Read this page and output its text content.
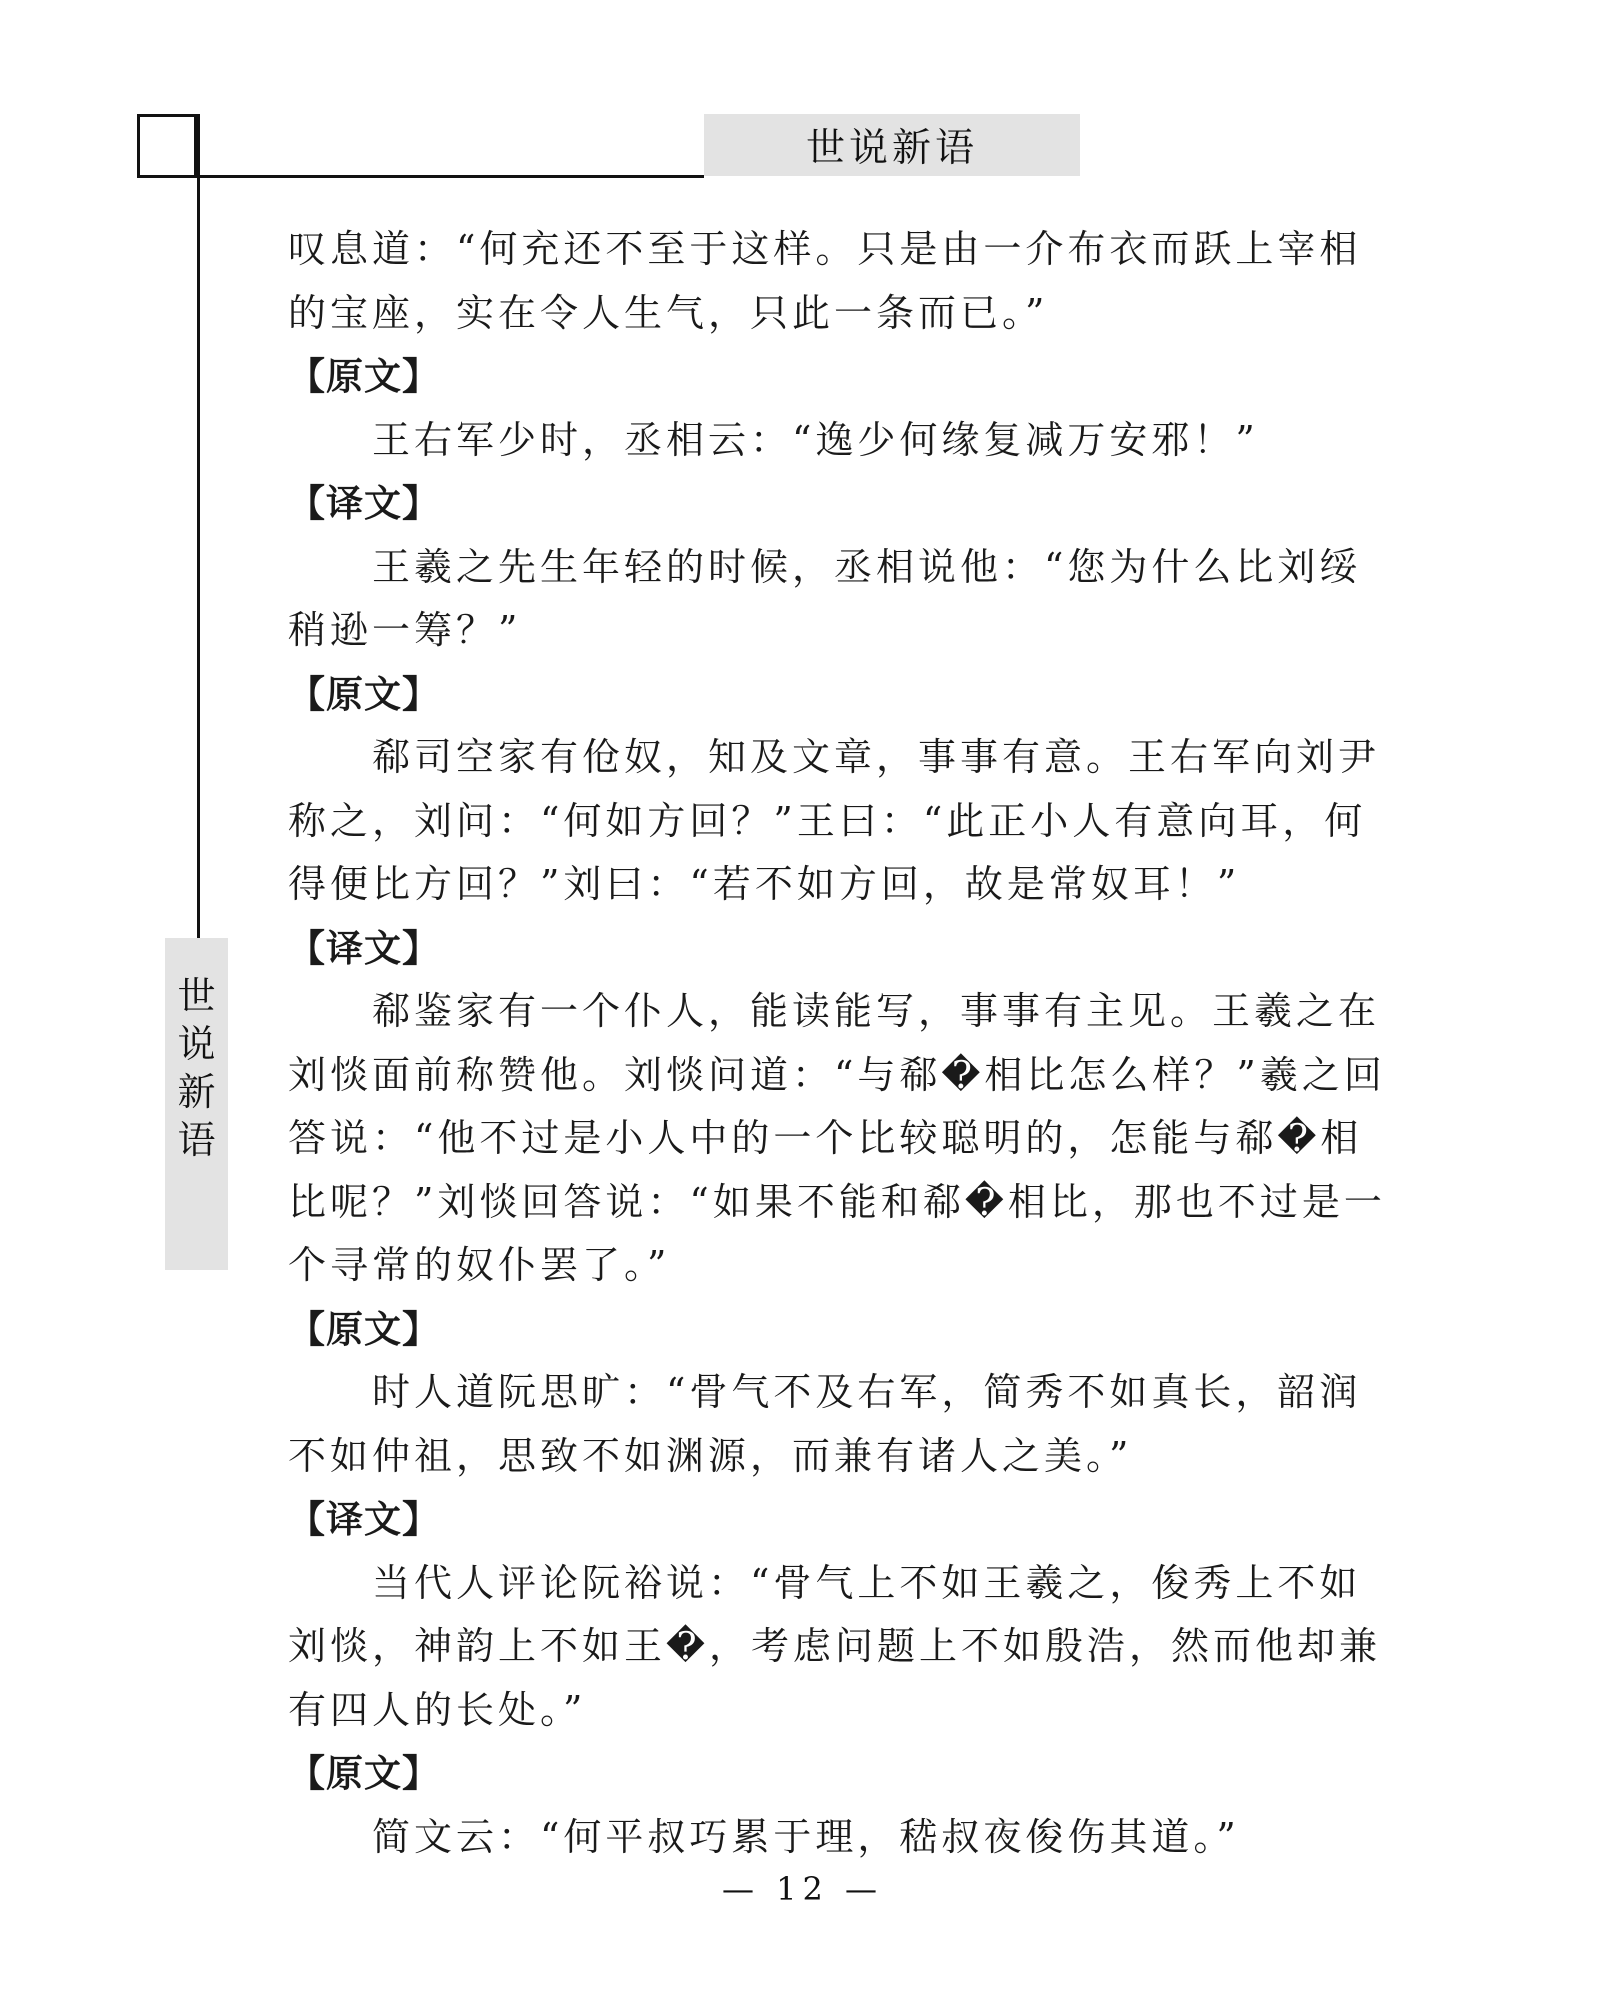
世说新语
世
说
新
语
叹息道：“何充还不至于这样。只是由一介布衣而跃上宰相
的宝座，实在令人生气，只此一条而已。”
【原文】
王右军少时，丞相云：“逸少何缘复减万安邪！”
【译文】
王羲之先生年轻的时候，丞相说他：“您为什么比刘绥
稍逊一筹？”
【原文】
郗司空家有伧奴，知及文章，事事有意。王右军向刘尹
称之，刘问：“何如方回？”王曰：“此正小人有意向耳，何
得便比方回？”刘曰：“若不如方回，故是常奴耳！”
【译文】
郗鉴家有一个仆人，能读能写，事事有主见。王羲之在
刘惔面前称赞他。刘惔问道：“与郗�相比怎么样？”羲之回
答说：“他不过是小人中的一个比较聪明的，怎能与郗�相
比呢？”刘惔回答说：“如果不能和郗�相比，那也不过是一
个寻常的奴仆罢了。”
【原文】
时人道阮思旷：“骨气不及右军，简秀不如真长，韶润
不如仲祖，思致不如渊源，而兼有诸人之美。”
【译文】
当代人评论阮裕说：“骨气上不如王羲之，俊秀上不如
刘惔，神韵上不如王�，考虑问题上不如殷浩，然而他却兼
有四人的长处。”
【原文】
简文云：“何平叔巧累于理，嵇叔夜俊伤其道。”
— 12 —
